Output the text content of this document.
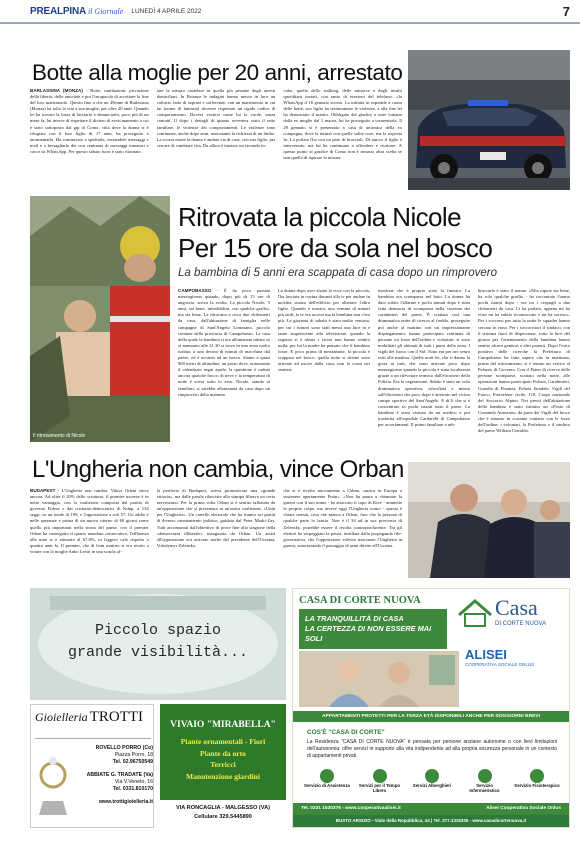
PREALPINA il Giornale LUNEDÌ 4 APRILE 2022	7
Botte alla moglie per 20 anni, arrestato
BARLASSINA (MONZA) - Botte, umiliazioni, privazione della libertà, delle amicizie e poi l'incapacità di accettare la fine del loro matrimonio. Questo fino a che un 49enne di Barlassina (Monza) ha tolto la vita a sua moglie, per oltre 20 anni. Quando lei ha trovato la forza di lasciarlo e denunciarlo, poco più di un mese fa, lui invece di rispettare il divieto di avvicinamento a cui è stato sottoposto dal gip di Como, città dove la donna si è rifugiata con il loro figlio di 17 anni, ha proseguito a atormentarla. Ha cominciato a spediarla, inviandole messaggi e mail e a bersagliarla dei con centinaia di messaggi minatori e cacce su WhatsApp. Per questo sabato fuori è stato ritornato.
tare la misura cautelare in quella più pesante degli arresti domiciliari. In Brianza le indagini hanno messo in luce un calvario fatto di soprusi e sofferenze, con un matrimonio in cui lui (nome di fantasia) dovesse rispettare un rigido codice di comportamento. Dovevi vestirsi come lui la vuole, senza contatti. Il dopo i dettagli di quanto avveniva sotto il tetto familiare, le violenze dei comportamenti. Le violenze sono continuate, anche dopo anni, nonostante la richiesta di un limbo. La scorsa estate la donna è andata via di casa, con suo figlio, per cercare di cambiare vita. Da allora è iniziato un secondo in-
cubo, quello dello stalking, delle minacce e degli insulti quotidiani inviati, con tanto di erezioni del telefono. «Ia WhatsApp il 16 gennaio scorso. La infinita in ospedale a causa delle botte, suo figlio ha testimoniato le violenze, a alla fine lei ha denunciato il marito. Obbligato dal giudice a stare lontano dalla ex moglie dal 1 marzo, lui ha proseguito a tormentarla. Il 29 gennaio si è presentato a casa di un'amica della ex compagna, dove la intimò con quelle solite cose, ma la risposta fu. La polizia l'ha con un paio di bracciali. Di nuovo il figlio è intervenuto, ma lui ha continuato a offendere e ricattare. A questo punto al giudice di Como non è rimasto altra scelta se non quella di ispirare la misura.
Il ritrovamento di Nicole
Ritrovata la piccola Nicole
Per 15 ore da sola nel bosco
La bambina di 5 anni era scappata di casa dopo un rimprovero
CAMPOBASSO - È da poco passata mezzogiorno quando, dopo più di 15 ore di angoscia, arriva la svolta. La piccola Nicole, 5 anni, sta bene, infreddolita, con qualche graffio, ma sta bene. La ritrovano a circa due chilometri da casa, dall'abitazione di famiglia nelle campagne di Sant'Angelo Limosano, piccolo comune della provincia di Campobasso. La casa della quale la bambina si era allontanata sabato se si ammonio alle 21.30 si trova in una zona molto isolata, a una decina di minuti di macchina dal paese, ed è accanto ad un bosco. Siamo a quasi 900 metri di altitudine, un posto dove, nonostante il calendario segni aprile, la questione è caduta ancora qualche fiocco di neve e la temperatura di notte è scesa sotto lo zero. Nicole, stando ai familiari, si sarebbe allontanata da casa dopo un rimprovero della mamma.
La donna dopo aver alzato la voce con la piccola, l'ha lasciata in cucina davanti alla tv per andare in un'altra stanza dell'edificio per allattare l'altro figlio. Quando è tornata, una ventina di minuti più tardi, la tv era accesa ma la bambina non c'era più. La giornata di sabato è stata molto ventosa, per cui i rumori sono stati messi una luce in e tanto stupefacente alla televisione, quando la ragazza si è alzata i vicini non hanno sentito nulla, per lui la madre ha pensato che il bambino fosse. E poco prima di mezzanotte, la piccola è scappata nel bosco, quella notte si ritiene sono arrivate ad uscire dalla casa, non la corsa nei sentieri.
mosfone che è proprio sotto la finestra. La bambina era scomparsa nel buio. La donna ha dato subito l'allarme e pochi minuti dopo è stata fatta denuncia di scomparsa nella caserma dei carabinieri del paese. È scattata così una drammatica notte di ricerca al freddo, proseguite poi anche al mattino con un impressionante dispiegamento: hanno partecipato centinaia di persone tra forze dell'ordine e volontari, sì sono mobilitati gli abitanti di tutti i paesi della zona. I vigili del fuoco con il Saf. Tutto era per ore senza esiti alla mattina. Quelle notti lei, che ri danno la gioia ai tutti, che sono arrivate poco dopo mezzogiorno quando la piccola è stata localizzata grazie a un rilevatore termico dall'elicottero della Polizia. Era la vegetazione. Subito è stato un volo drammatica operativa, rifocillata e messa sull'elicottero che poco dopo è atterrato nel vicino campo sportivo del Sant'Angelo. E di lì che si è concentrato in pochi istanti tutto il paese. La bambina è stata visitata da un medico e poi trasferita all'ospedale Cardarelli di Campobasso per accertamenti. Il primo familiare a rab-
braccarla è stato il nonno. «Mia nipote sta bene, ha solo qualche graffio - ha raccontato l'uomo pochi istanti dopo - era tra i cespugli a due chilometri da casa. Ci ha parlato, appena mi ha visto mi ha subito riconosciuto e mi ha sorriso». Per i soccorsi per tutta la notte le squadre hanno cercato in zona. Per i soccorritori il sindaco, con il sistema fuori di dispersione, sotto la luce del giorno per l'orientamento della bambina hanno sentito alcuni genitori e altri parenti. Dopo l'esito positivo delle ricerche la Prefettura di Campobasso ha fatto sapere che in mattinata, prima del ritrovamento, si è tenuto un vertice al Palazzo di Governo. Con il Piano di ricerca delle persone scomparse, scattato nella notte, alle operazioni hanno partecipato Polizia, Carabinieri, Guardia di Finanza, Polizia Stradale, Vigili del Fuoco, Protezione civile, 118, Corpo nazionale del Soccorso Alpino. Nei pressi dell'abitazione della bambina è stato istituito un «Posto di Comando Avanzato» da parte dei Vigili del fuoco che è rimasto in costante contatto con le forze dell'ordine, i volontari, la Prefettura e il sindaco del paese William Ciaraldo.
L'Ungheria non cambia, vince Orban
BUDAPEST - L'Ungheria non cambia: Viktor Orban vince ancora. Ad oltre il 20% dello scrutinio, il premier uscente è in netto vantaggio, con la coalizione composta dal partito di governo Fidesz e dai cristiano-democratici di Kdnp, a 134 seggi, su un totale di 199, e l'opposizione a soli 57. Un addio è nelle speranze e prima di un nuovo ritorno di 60 giorni come quello più importanti nella storia del paese, con il premier Orban ha conseguito il quarto mandato consecutivo, l'affluenza alle urne si è attestata al 67,8%, in leggero calo rispetto a quattro anni fa. Il premier, che di Ivan muttiro si era recato a votare con la moglie Anko Levai in una scuola al-
la periferia di Budapest, aveva pronosticato una «grande vittoria», ma dalle parole rilasciate alla stampa filtrava un certo nervosismo. Per la prima volta Orban si è sentito tallonato da un'opposizione che si presentata in un'unica coalizione, «Uniti per l'Ungheria». Un cartello elettorale che ha riunito sei partiti di diverso orientamento politico, guidato dal Peter Marki-Zay. Tutti accomunati dall'obiettivo di porre fine alla stagione della «democrazia illiberale» inaugurata da Orban. Un assist all'opposizione era arrivato anche dal presidente dell'Ucraina, Volodymyr Zelensky,
che si è rivolto nuovamente a Orban, «unico in Europa a sostenere apertamente Putin». «Non ha paura a chiamare la guerra con il suo nome - ha attaccato il capo di Kiev - ammette le proprie colpe, ma invece oggi l'Ungheria uomo - questa è chiara onestà, cosa che manca a Orban, fuor che la persona di qualche parte lo lancia. Non è il 34 ad in sua provincia di Zelensky, potrebbe essere il rivolta controproducente. Tra gli elettori ha serpeggiato la paura, instillata dalla propaganda filo-governativa, che l'opposizione volesse trascinare l'Ungheria in guerra, autorizzando il passaggio di armi dirette all'Ucraina.
Piccolo spazio
grande visibilità...
Gioielleria TROTTI
ROVELLO PORRO (Co)
Piazza Porro, 18
Tel. 02.96750549
ABBIATE G. TRADATE (Va)
Via V.Veneto, 16
Tel. 0331.810170
www.trottigioielleria.it
VIVAIO "MIRABELLA"
Piante ornamentali - Fiori
Piante da orto
Terricci
Manutenzione giardini
VIA RONCAGLIA - MALGESSO (VA)
Cellulare 329.5445890
CASA DI CORTE NUOVA
LA TRANQUILLITÀ DI CASA
LA CERTEZZA DI NON ESSERE MAI SOLI
Casa
DI CORTE NUOVA
ALISEI
COOPERATIVA SOCIALE ONLUS
APPARTAMENTI PROTETTI PER LA TERZA ETÀ DISPONIBILI ANCHE PER SOGGIORNI BREVI
COS'È "CASA DI CORTE"
La Residenza "CASA DI CORTE NUOVA" è pensata per persone anziane autonome o con lievi limitazioni dell'autonomia: offre servizi in supporto alla vita indipendente ad alla propria sicurezza personale in un contesto di appartamenti privati.
Servizio di Assistenza	Servizi per il Tempo Libero
Servizi Alberghieri	Servizio Infermieristico
Servizio Fisioterapico
Tel. 0331 1530376 - www.cooperativaalisei.it	Alisei Cooperativa Sociale Onlus
BUSTO ARSIZIO - Viale della Repubblica, 44 | Tel. 377.1315335 - www.casadicortenuova.it
